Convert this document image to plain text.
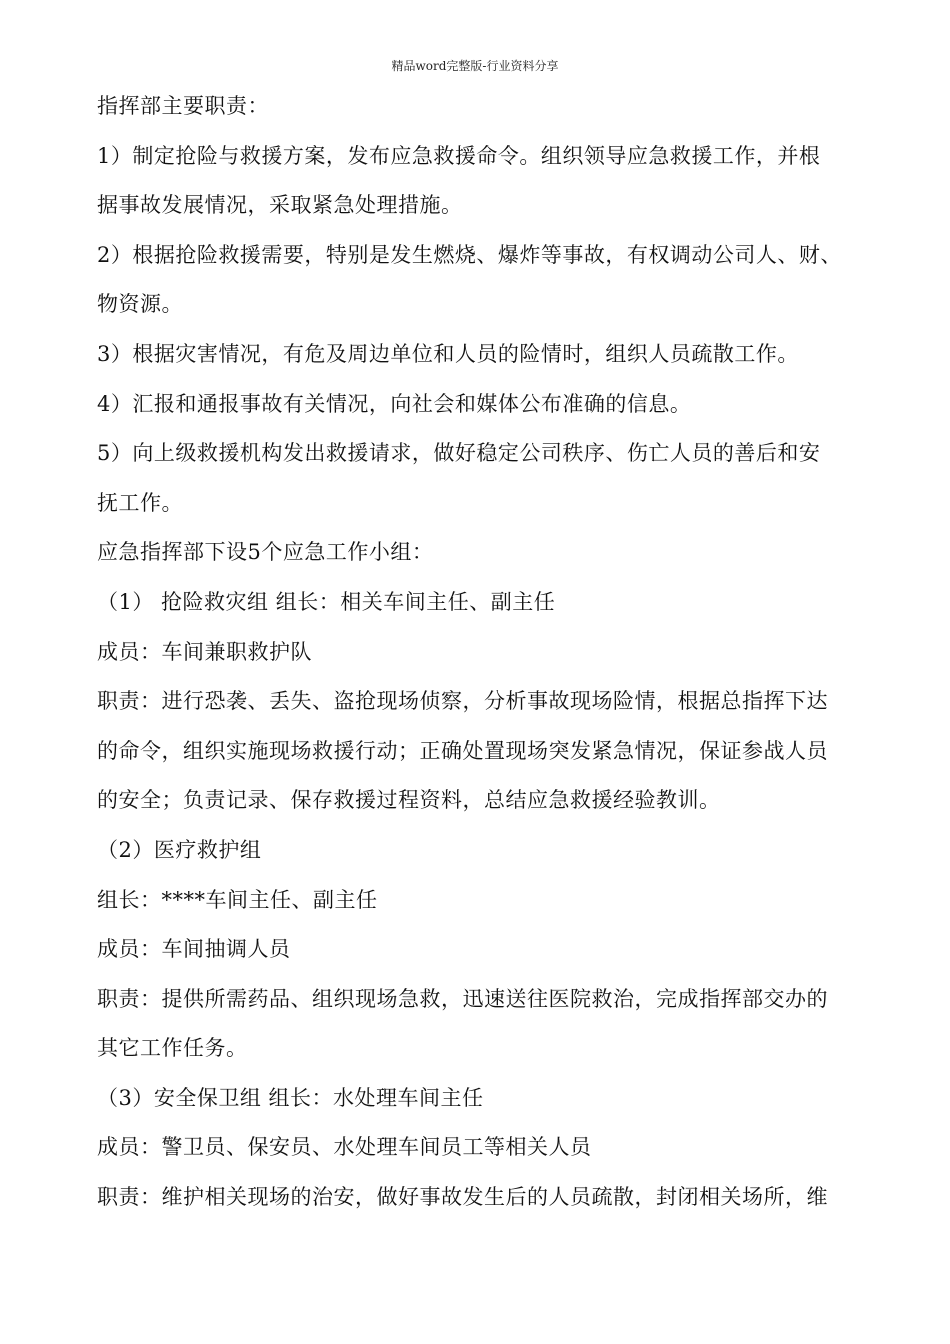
精品word完整版-行业资料分享
指挥部主要职责：
1）制定抢险与救援方案，发布应急救援命令。组织领导应急救援工作，并根
据事故发展情况，采取紧急处理措施。
2）根据抢险救援需要，特别是发生燃烧、爆炸等事故，有权调动公司人、财、
物资源。
3）根据灾害情况，有危及周边单位和人员的险情时，组织人员疏散工作。
4）汇报和通报事故有关情况，向社会和媒体公布准确的信息。
5）向上级救援机构发出救援请求，做好稳定公司秩序、伤亡人员的善后和安
抚工作。
应急指挥部下设5个应急工作小组：
（1） 抢险救灾组 组长：相关车间主任、副主任
成员：车间兼职救护队
职责：进行恐袭、丢失、盗抢现场侦察，分析事故现场险情，根据总指挥下达
的命令，组织实施现场救援行动；正确处置现场突发紧急情况，保证参战人员
的安全；负责记录、保存救援过程资料，总结应急救援经验教训。
（2）医疗救护组
组长：****车间主任、副主任
成员：车间抽调人员
职责：提供所需药品、组织现场急救，迅速送往医院救治，完成指挥部交办的
其它工作任务。
（3）安全保卫组 组长：水处理车间主任
成员：警卫员、保安员、水处理车间员工等相关人员
职责：维护相关现场的治安，做好事故发生后的人员疏散，封闭相关场所，维
